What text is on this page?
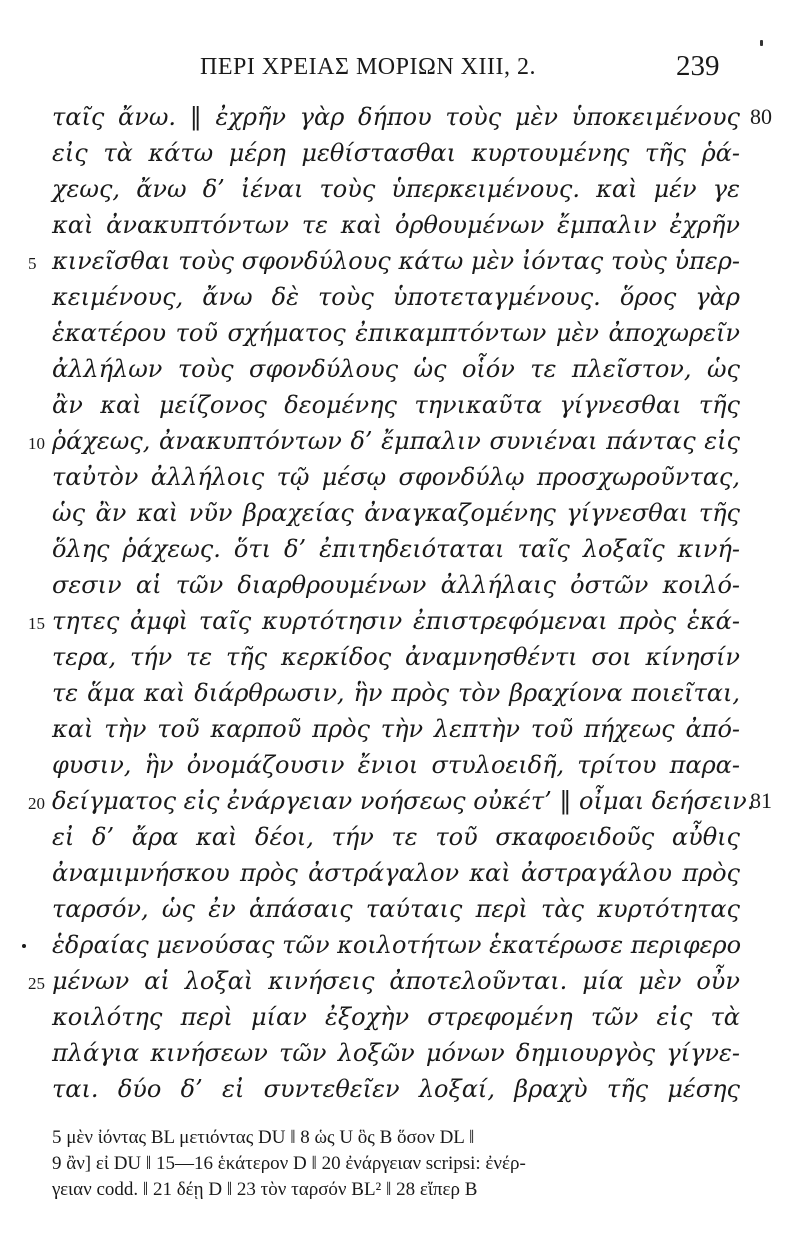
ΠΕΡΙ ΧΡΕΙΑΣ ΜΟΡΙΩΝ XIII, 2.	239
ταῖς ἄνω. ‖ ἐχρῆν γὰρ δήπου τοὺς μὲν ὑποκειμένους 80
εἰς τὰ κάτω μέρη μεθίστασθαι κυρτουμένης τῆς ῥά-
χεως, ἄνω δ’ ἰέναι τοὺς ὑπερκειμένους. καὶ μέν γε
καὶ ἀνακυπτόντων τε καὶ ὀρθουμένων ἔμπαλιν ἐχρῆν
5 κινεῖσθαι τοὺς σφονδύλους κάτω μὲν ἰόντας τοὺς ὑπερ-
κειμένους, ἄνω δὲ τοὺς ὑποτεταγμένους. ὅρος γὰρ
ἑκατέρου τοῦ σχήματος ἐπικαμπτόντων μὲν ἀποχωρεῖν
ἀλλήλων τοὺς σφονδύλους ὡς οἷόν τε πλεῖστον, ὡς
ἂν καὶ μείζονος δεομένης τηνικαῦτα γίγνεσθαι τῆς
10 ῥάχεως, ἀνακυπτόντων δ’ ἔμπαλιν συνιέναι πάντας εἰς
ταὐτὸν ἀλλήλοις τῷ μέσῳ σφονδύλῳ προσχωροῦντας,
ὡς ἂν καὶ νῦν βραχείας ἀναγκαζομένης γίγνεσθαι τῆς
ὅλης ῥάχεως. ὅτι δ’ ἐπιτηδειόταται ταῖς λοξαῖς κινή-
σεσιν αἱ τῶν διαρθρουμένων ἀλλήλαις ὀστῶν κοιλό-
15 τητες ἀμφὶ ταῖς κυρτότησιν ἐπιστρεφόμεναι πρὸς ἑκά-
τερα, τήν τε τῆς κερκίδος ἀναμνησθέντι σοι κίνησίν
τε ἅμα καὶ διάρθρωσιν, ἣν πρὸς τὸν βραχίονα ποιεῖται,
καὶ τὴν τοῦ καρποῦ πρὸς τὴν λεπτὴν τοῦ πήχεως ἀπό-
φυσιν, ἣν ὀνομάζουσιν ἔνιοι στυλοειδῆ, τρίτου παρα-
20 δείγματος εἰς ἐνάργειαν νοήσεως οὐκέτ’ ‖ οἶμαι δεήσειν.
81
εἰ δ’ ἄρα καὶ δέοι, τήν τε τοῦ σκαφοειδοῦς αὖθις
ἀναμιμνήσκου πρὸς ἀστράγαλον καὶ ἀστραγάλου πρὸς
ταρσόν, ὡς ἐν ἁπάσαις ταύταις περὶ τὰς κυρτότητας
ἑδραίας μενούσας τῶν κοιλοτήτων ἑκατέρωσε περιφερο
25 μένων αἱ λοξαὶ κινήσεις ἀποτελοῦνται. μία μὲν οὖν
κοιλότης περὶ μίαν ἐξοχὴν στρεφομένη τῶν εἰς τὰ
πλάγια κινήσεων τῶν λοξῶν μόνων δημιουργὸς γίγνε-
ται. δύο δ’ εἰ συντεθεῖεν λοξαί, βραχὺ τῆς μέσης
5 μὲν ἰόντας BL μετιόντας DU ‖ 8 ὡς U ὃς B ὅσον DL ‖
9 ἂν] εἰ DU ‖ 15—16 ἑκάτερον D ‖ 20 ἐνάργειαν scripsi: ἐνέρ-
γειαν codd. ‖ 21 δέῃ D ‖ 23 τὸν ταρσόν BL² ‖ 28 εἴπερ B
